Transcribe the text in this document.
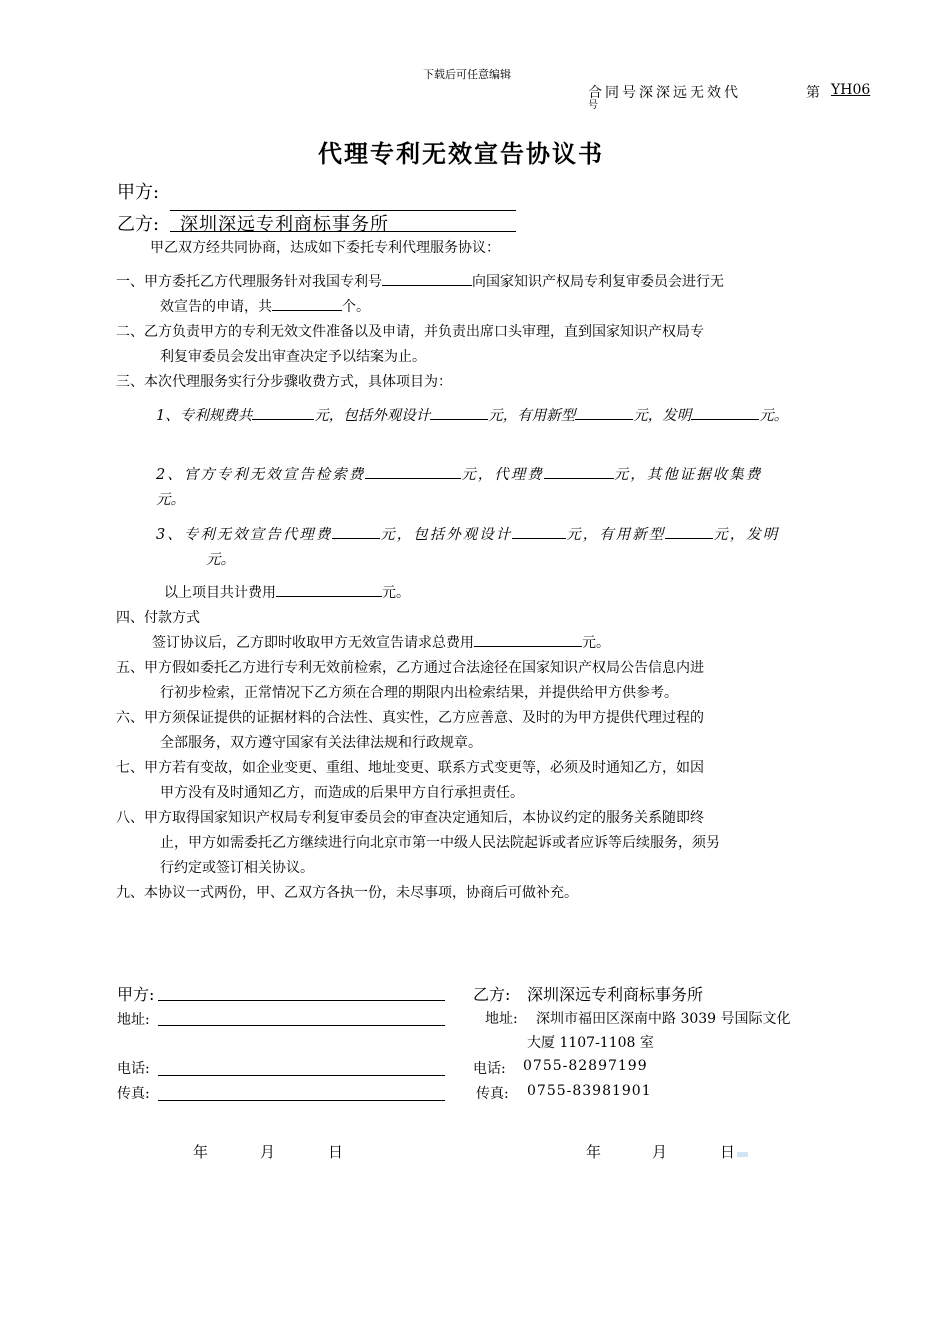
下载后可任意编辑
合同号深深远无效代
号
第 YH06
代理专利无效宣告协议书
甲方:
乙方: 深圳深远专利商标事务所
甲乙双方经共同协商，达成如下委托专利代理服务协议：
一、甲方委托乙方代理服务针对我国专利号	向国家知识产权局专利复审委员会进行无
效宣告的申请，共	个。
二、乙方负责甲方的专利无效文件准备以及申请，并负责出席口头审理，直到国家知识产权局专
利复审委员会发出审查决定予以结案为止。
三、本次代理服务实行分步骤收费方式，具体项目为：
1、专利规费共	元，包括外观设计	元，有用新型	元，发明	元。
2、官方专利无效宣告检索费	元，代理费	元，其他证据收集费
元。
3、专利无效宣告代理费	元，包括外观设计	元，有用新型	元，发明
元。
以上项目共计费用	元。
四、付款方式
签订协议后，乙方即时收取甲方无效宣告请求总费用	元。
五、甲方假如委托乙方进行专利无效前检索，乙方通过合法途径在国家知识产权局公告信息内进
行初步检索，正常情况下乙方须在合理的期限内出检索结果，并提供给甲方供参考。
六、甲方须保证提供的证据材料的合法性、真实性，乙方应善意、及时的为甲方提供代理过程的
全部服务，双方遵守国家有关法律法规和行政规章。
七、甲方若有变故，如企业变更、重组、地址变更、联系方式变更等，必须及时通知乙方，如因
甲方没有及时通知乙方，而造成的后果甲方自行承担责任。
八、甲方取得国家知识产权局专利复审委员会的审查决定通知后，本协议约定的服务关系随即终
止，甲方如需委托乙方继续进行向北京市第一中级人民法院起诉或者应诉等后续服务，须另
行约定或签订相关协议。
九、本协议一式两份，甲、乙双方各执一份，未尽事项，协商后可做补充。
甲方:
地址:
电话:
传真:
乙方: 深圳深远专利商标事务所
地址: 深圳市福田区深南中路 3039 号国际文化
大厦 1107-1108 室
电话: 0755-82897199
传真: 0755-83981901
年	月	日	年	月	日
